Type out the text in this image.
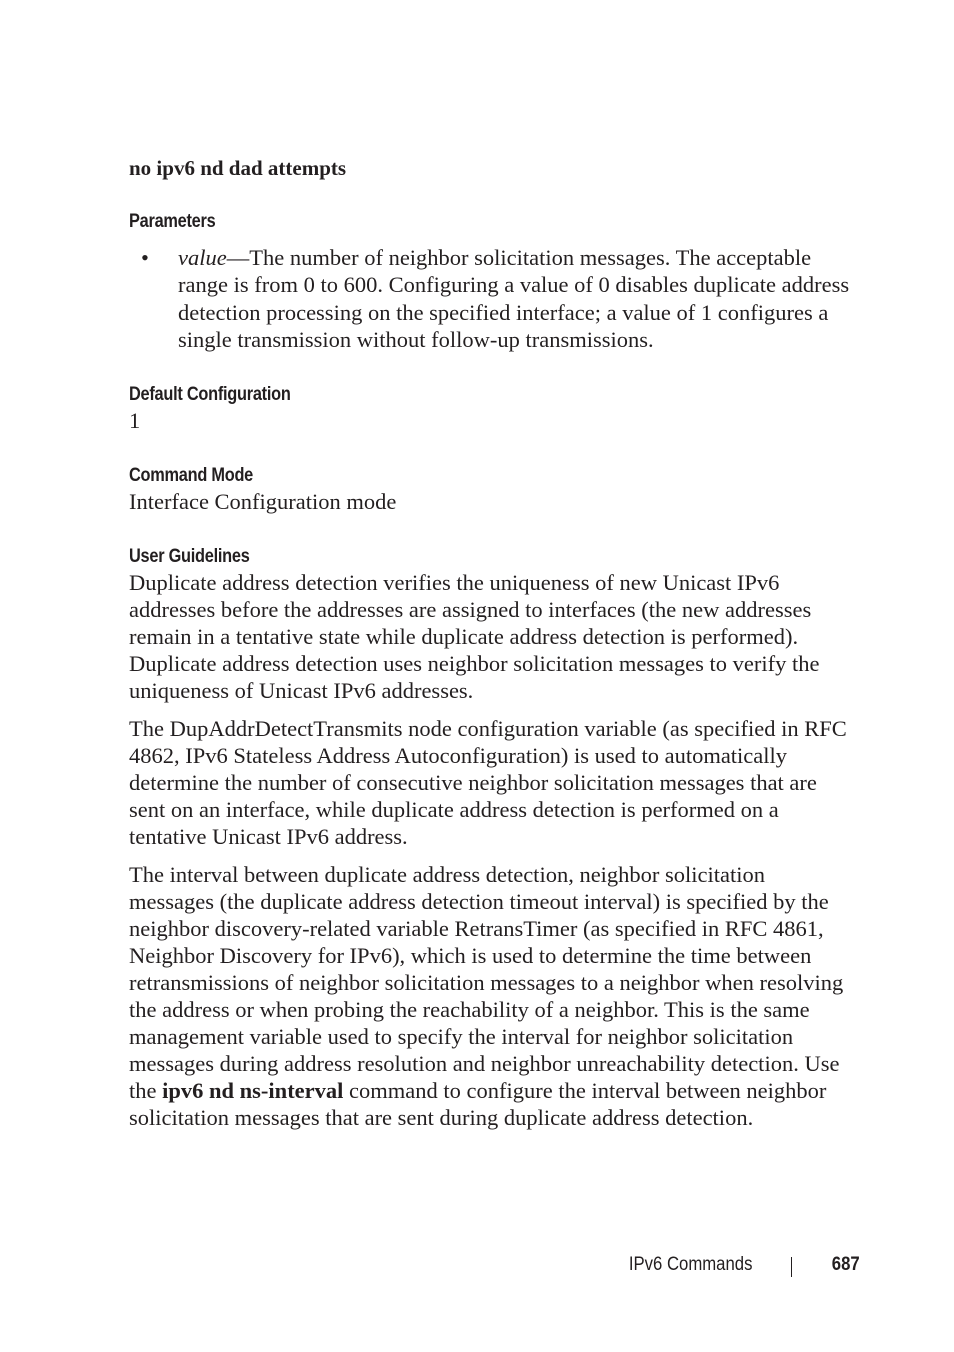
no ipv6 nd dad attempts

Parameters
• value—The number of neighbor solicitation messages. The acceptable range is from 0 to 600. Configuring a value of 0 disables duplicate address detection processing on the specified interface; a value of 1 configures a single transmission without follow-up transmissions.
Default Configuration

1

Command Mode

Interface Configuration mode

User Guidelines

Duplicate address detection verifies the uniqueness of new Unicast IPv6 addresses before the addresses are assigned to interfaces (the new addresses remain in a tentative state while duplicate address detection is performed). Duplicate address detection uses neighbor solicitation messages to verify the uniqueness of Unicast IPv6 addresses.

The DupAddrDetectTransmits node configuration variable (as specified in RFC 4862, IPv6 Stateless Address Autoconfiguration) is used to automatically determine the number of consecutive neighbor solicitation messages that are sent on an interface, while duplicate address detection is performed on a tentative Unicast IPv6 address.

The interval between duplicate address detection, neighbor solicitation messages (the duplicate address detection timeout interval) is specified by the neighbor discovery-related variable RetransTimer (as specified in RFC 4861, Neighbor Discovery for IPv6), which is used to determine the time between retransmissions of neighbor solicitation messages to a neighbor when resolving the address or when probing the reachability of a neighbor. This is the same management variable used to specify the interval for neighbor solicitation messages during address resolution and neighbor unreachability detection. Use the ipv6 nd ns-interval command to configure the interval between neighbor solicitation messages that are sent during duplicate address detection.

IPv6 Commands	687
